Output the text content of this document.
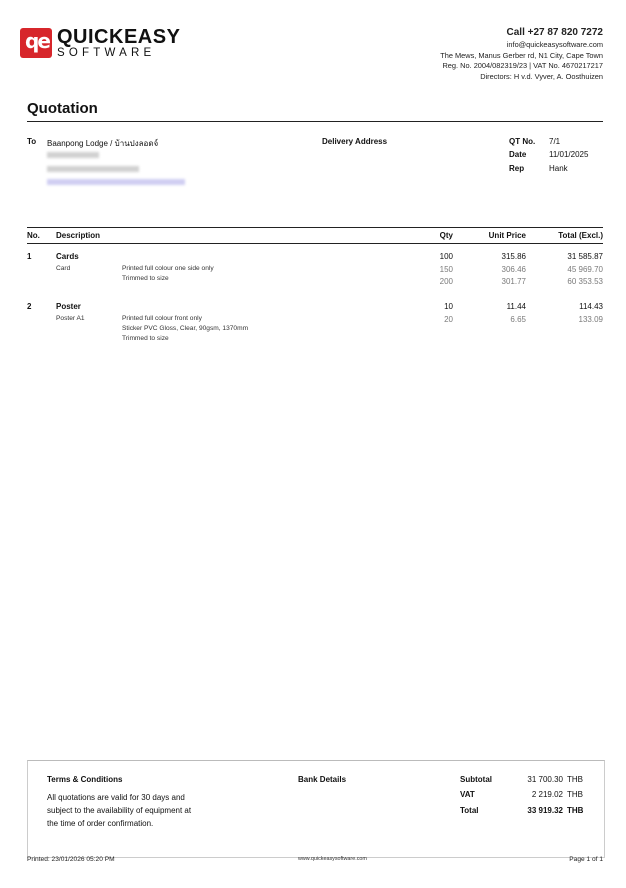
qe QUICKEASY
SOFTWARE
Call +27 87 820 7272
info@quickeasysoftware.com
The Mews, Manus Gerber rd, N1 City, Cape Town
Reg. No. 2004/082319/23 | VAT No. 4670217217
Directors: H v.d. Vyver, A. Oosthuizen
Quotation
To Baanpong Lodge / บ้านปงลอดจ์	Delivery Address	QT No. 7/1
Date	11/01/2025
Rep	Hank
No. Description	Qty	Unit Price	Total (Excl.)
1	Cards	100	315.86	31 585.87
Card	Printed full colour one side only
Trimmed to size
150	306.46	45 969.70
200	301.77	60 353.53
2	Poster	10	11.44	114.43
Poster A1	Printed full colour front only
Sticker PVC Gloss, Clear, 90gsm, 1370mm
Trimmed to size
20	6.65	133.09
Terms & Conditions
All quotations are valid for 30 days and
subject to the availability of equipment at
the time of order confirmation.
Bank Details	Subtotal	31 700.30 THB
VAT	2 219.02 THB
Total	33 919.32 THB
Printed: 23/01/2026 05:20 PM	www.quickeasysoftware.com	Page 1 of 1
